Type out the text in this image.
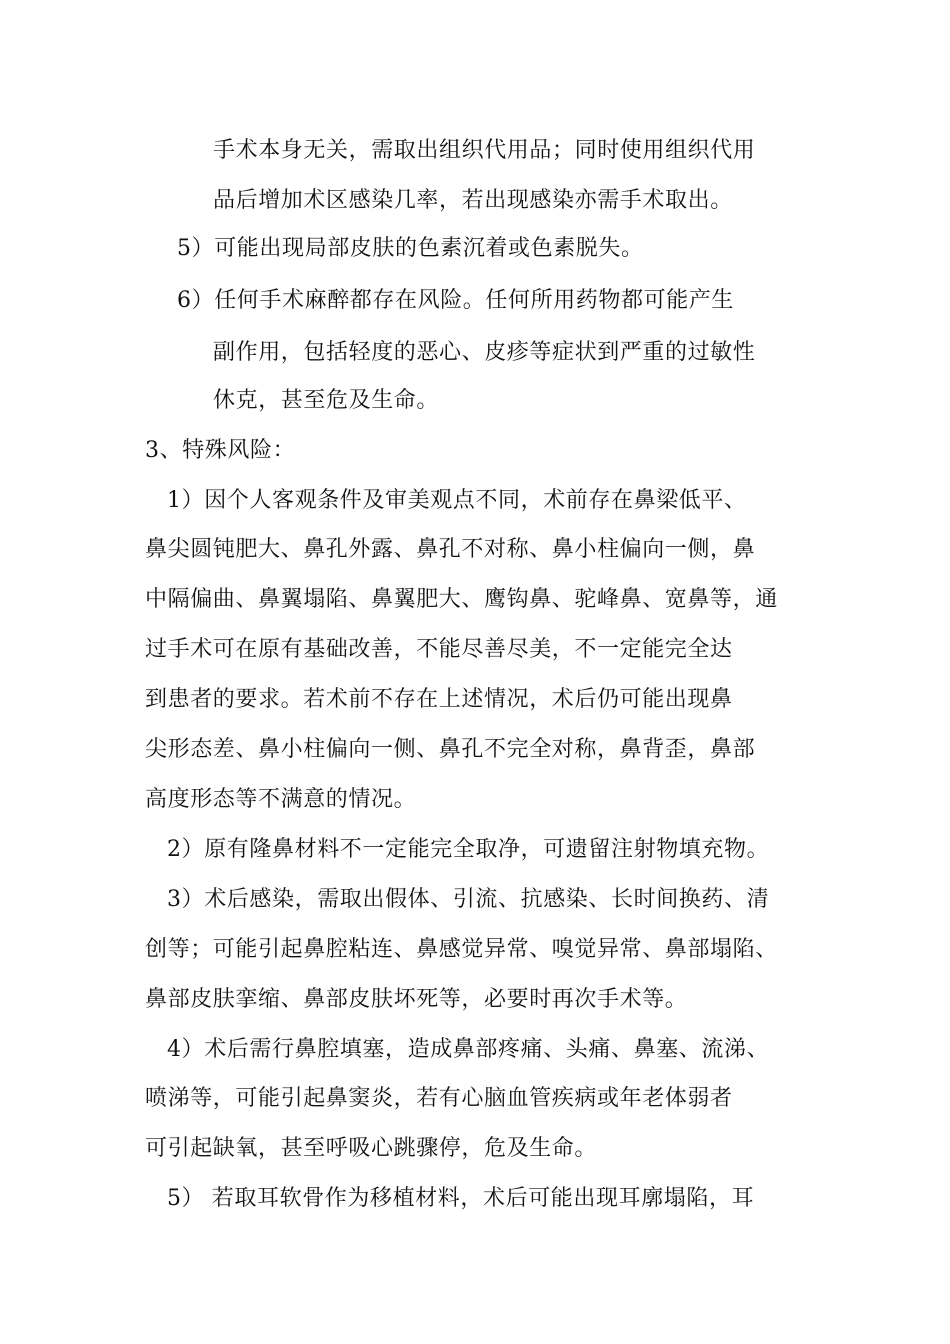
手术本身无关，需取出组织代用品；同时使用组织代用
品后增加术区感染几率，若出现感染亦需手术取出。
5）可能出现局部皮肤的色素沉着或色素脱失。
6）任何手术麻醉都存在风险。任何所用药物都可能产生
副作用，包括轻度的恶心、皮疹等症状到严重的过敏性
休克，甚至危及生命。
3、特殊风险：
1）因个人客观条件及审美观点不同，术前存在鼻梁低平、
鼻尖圆钝肥大、鼻孔外露、鼻孔不对称、鼻小柱偏向一侧，鼻
中隔偏曲、鼻翼塌陷、鼻翼肥大、鹰钩鼻、驼峰鼻、宽鼻等，通
过手术可在原有基础改善，不能尽善尽美，不一定能完全达
到患者的要求。若术前不存在上述情况，术后仍可能出现鼻
尖形态差、鼻小柱偏向一侧、鼻孔不完全对称，鼻背歪，鼻部
高度形态等不满意的情况。
2）原有隆鼻材料不一定能完全取净，可遗留注射物填充物。
3）术后感染，需取出假体、引流、抗感染、长时间换药、清
创等；可能引起鼻腔粘连、鼻感觉异常、嗅觉异常、鼻部塌陷、
鼻部皮肤挛缩、鼻部皮肤坏死等，必要时再次手术等。
4）术后需行鼻腔填塞，造成鼻部疼痛、头痛、鼻塞、流涕、
喷涕等，可能引起鼻窦炎，若有心脑血管疾病或年老体弱者
可引起缺氧，甚至呼吸心跳骤停，危及生命。
5） 若取耳软骨作为移植材料，术后可能出现耳廓塌陷，耳
